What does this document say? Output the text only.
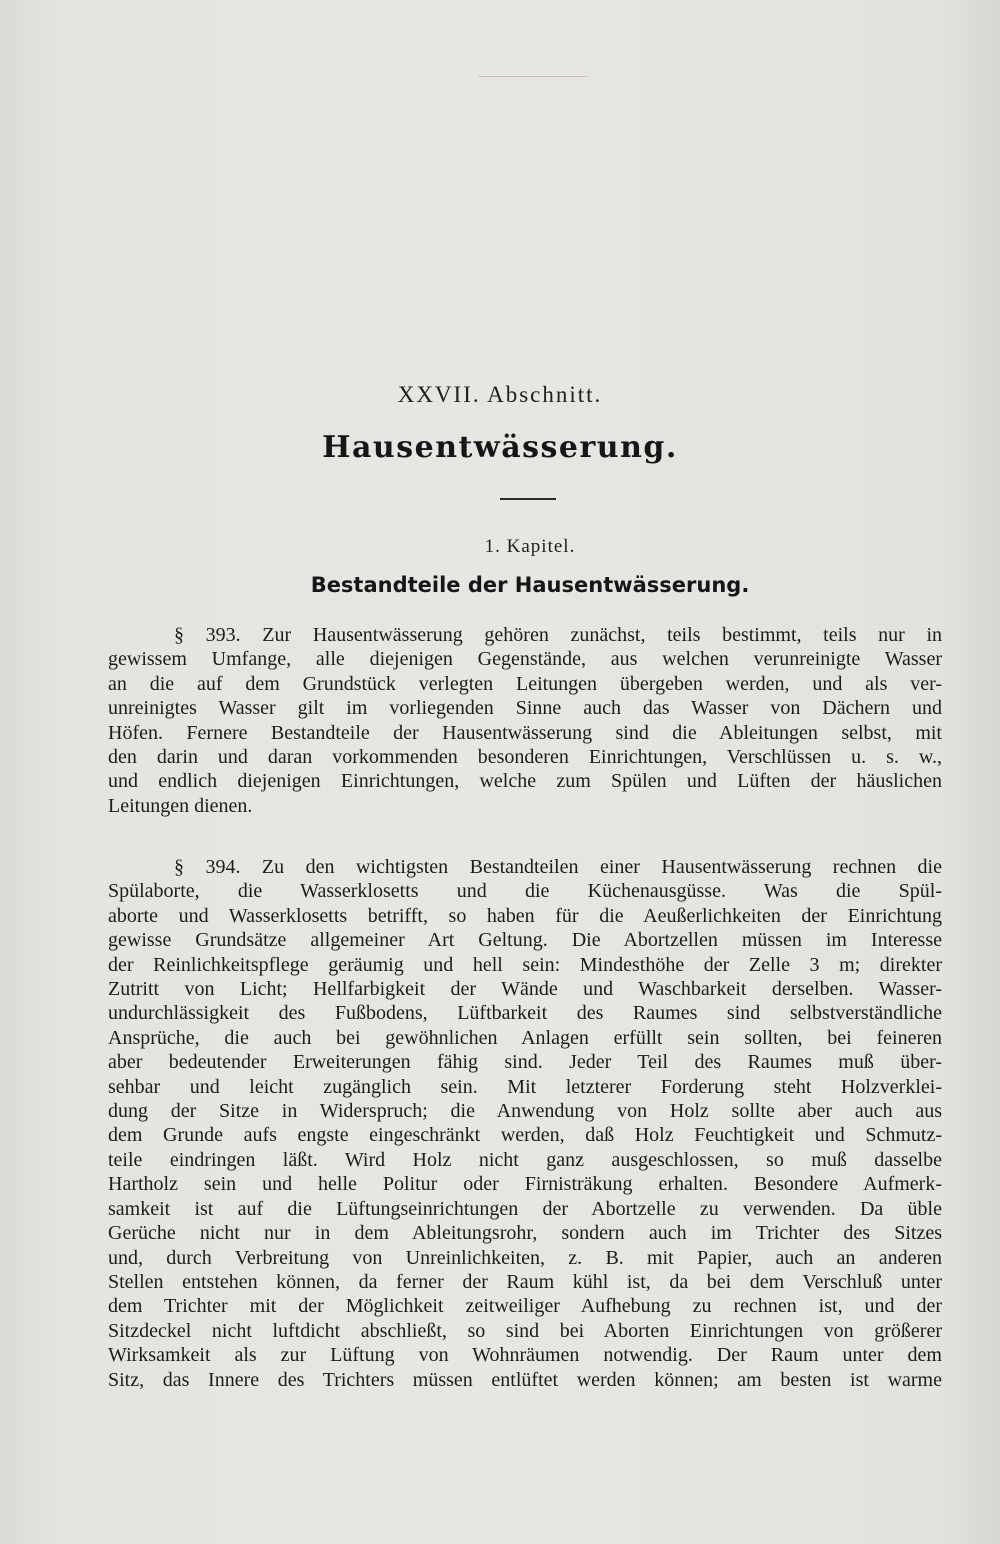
XXVII. Abschnitt.
Hausentwässerung.
1. Kapitel.
Bestandteile der Hausentwässerung.
§ 393. Zur Hausentwässerung gehören zunächst, teils bestimmt, teils nur in
gewissem Umfange, alle diejenigen Gegenstände, aus welchen verunreinigte Wasser
an die auf dem Grundstück verlegten Leitungen übergeben werden, und als ver-
unreinigtes Wasser gilt im vorliegenden Sinne auch das Wasser von Dächern und
Höfen. Fernere Bestandteile der Hausentwässerung sind die Ableitungen selbst, mit
den darin und daran vorkommenden besonderen Einrichtungen, Verschlüssen u. s. w.,
und endlich diejenigen Einrichtungen, welche zum Spülen und Lüften der häuslichen
Leitungen dienen.
§ 394. Zu den wichtigsten Bestandteilen einer Hausentwässerung rechnen die
Spülaborte, die Wasserklosetts und die Küchenausgüsse. Was die Spül-
aborte und Wasserklosetts betrifft, so haben für die Aeußerlichkeiten der Einrichtung
gewisse Grundsätze allgemeiner Art Geltung. Die Abortzellen müssen im Interesse
der Reinlichkeitspflege geräumig und hell sein: Mindesthöhe der Zelle 3 m; direkter
Zutritt von Licht; Hellfarbigkeit der Wände und Waschbarkeit derselben. Wasser-
undurchlässigkeit des Fußbodens, Lüftbarkeit des Raumes sind selbstverständliche
Ansprüche, die auch bei gewöhnlichen Anlagen erfüllt sein sollten, bei feineren
aber bedeutender Erweiterungen fähig sind. Jeder Teil des Raumes muß über-
sehbar und leicht zugänglich sein. Mit letzterer Forderung steht Holzverklei-
dung der Sitze in Widerspruch; die Anwendung von Holz sollte aber auch aus
dem Grunde aufs engste eingeschränkt werden, daß Holz Feuchtigkeit und Schmutz-
teile eindringen läßt. Wird Holz nicht ganz ausgeschlossen, so muß dasselbe
Hartholz sein und helle Politur oder Firnisträkung erhalten. Besondere Aufmerk-
samkeit ist auf die Lüftungseinrichtungen der Abortzelle zu verwenden. Da üble
Gerüche nicht nur in dem Ableitungsrohr, sondern auch im Trichter des Sitzes
und, durch Verbreitung von Unreinlichkeiten, z. B. mit Papier, auch an anderen
Stellen entstehen können, da ferner der Raum kühl ist, da bei dem Verschluß unter
dem Trichter mit der Möglichkeit zeitweiliger Aufhebung zu rechnen ist, und der
Sitzdeckel nicht luftdicht abschließt, so sind bei Aborten Einrichtungen von größerer
Wirksamkeit als zur Lüftung von Wohnräumen notwendig. Der Raum unter dem
Sitz, das Innere des Trichters müssen entlüftet werden können; am besten ist warme
